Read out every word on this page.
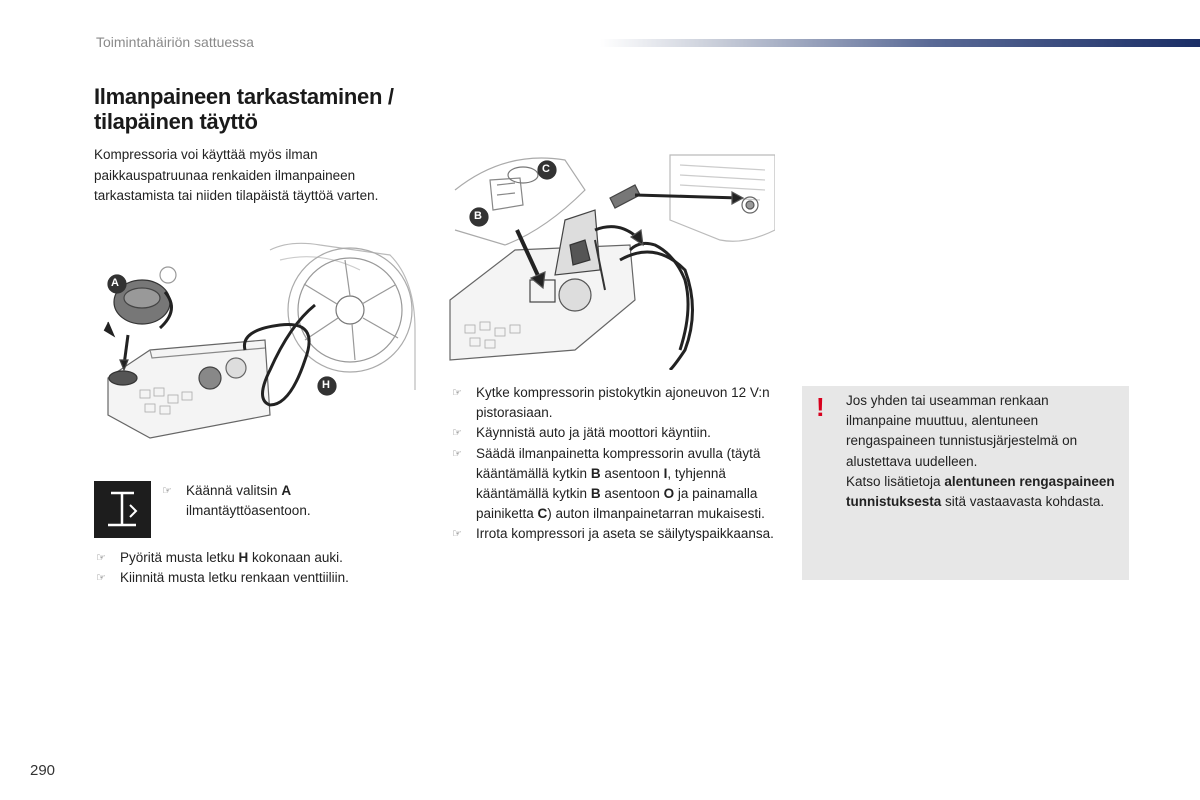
Toimintahäiriön sattuessa
Ilmanpaineen tarkastaminen /
tilapäinen täyttö
Kompressoria voi käyttää myös ilman paikkauspatruunaa renkaiden ilmanpaineen tarkastamista tai niiden tilapäistä täyttöä varten.
A
H
B
C
☞ Käännä valitsin A ilmantäyttöasentoon.
☞ Pyöritä musta letku H kokonaan auki.
☞ Kiinnitä musta letku renkaan venttiiliin.
☞ Kytke kompressorin pistokytkin ajoneuvon 12 V:n pistorasiaan.
☞ Käynnistä auto ja jätä moottori käyntiin.
☞ Säädä ilmanpainetta kompressorin avulla (täytä kääntämällä kytkin B asentoon I, tyhjennä kääntämällä kytkin B asentoon O ja painamalla painiketta C) auton ilmanpainetarran mukaisesti.
☞ Irrota kompressori ja aseta se säilytyspaikkaansa.
! Jos yhden tai useamman renkaan ilmanpaine muuttuu, alentuneen rengaspaineen tunnistusjärjestelmä on alustettava uudelleen.
Katso lisätietoja alentuneen rengaspaineen tunnistuksesta sitä vastaavasta kohdasta.
290
